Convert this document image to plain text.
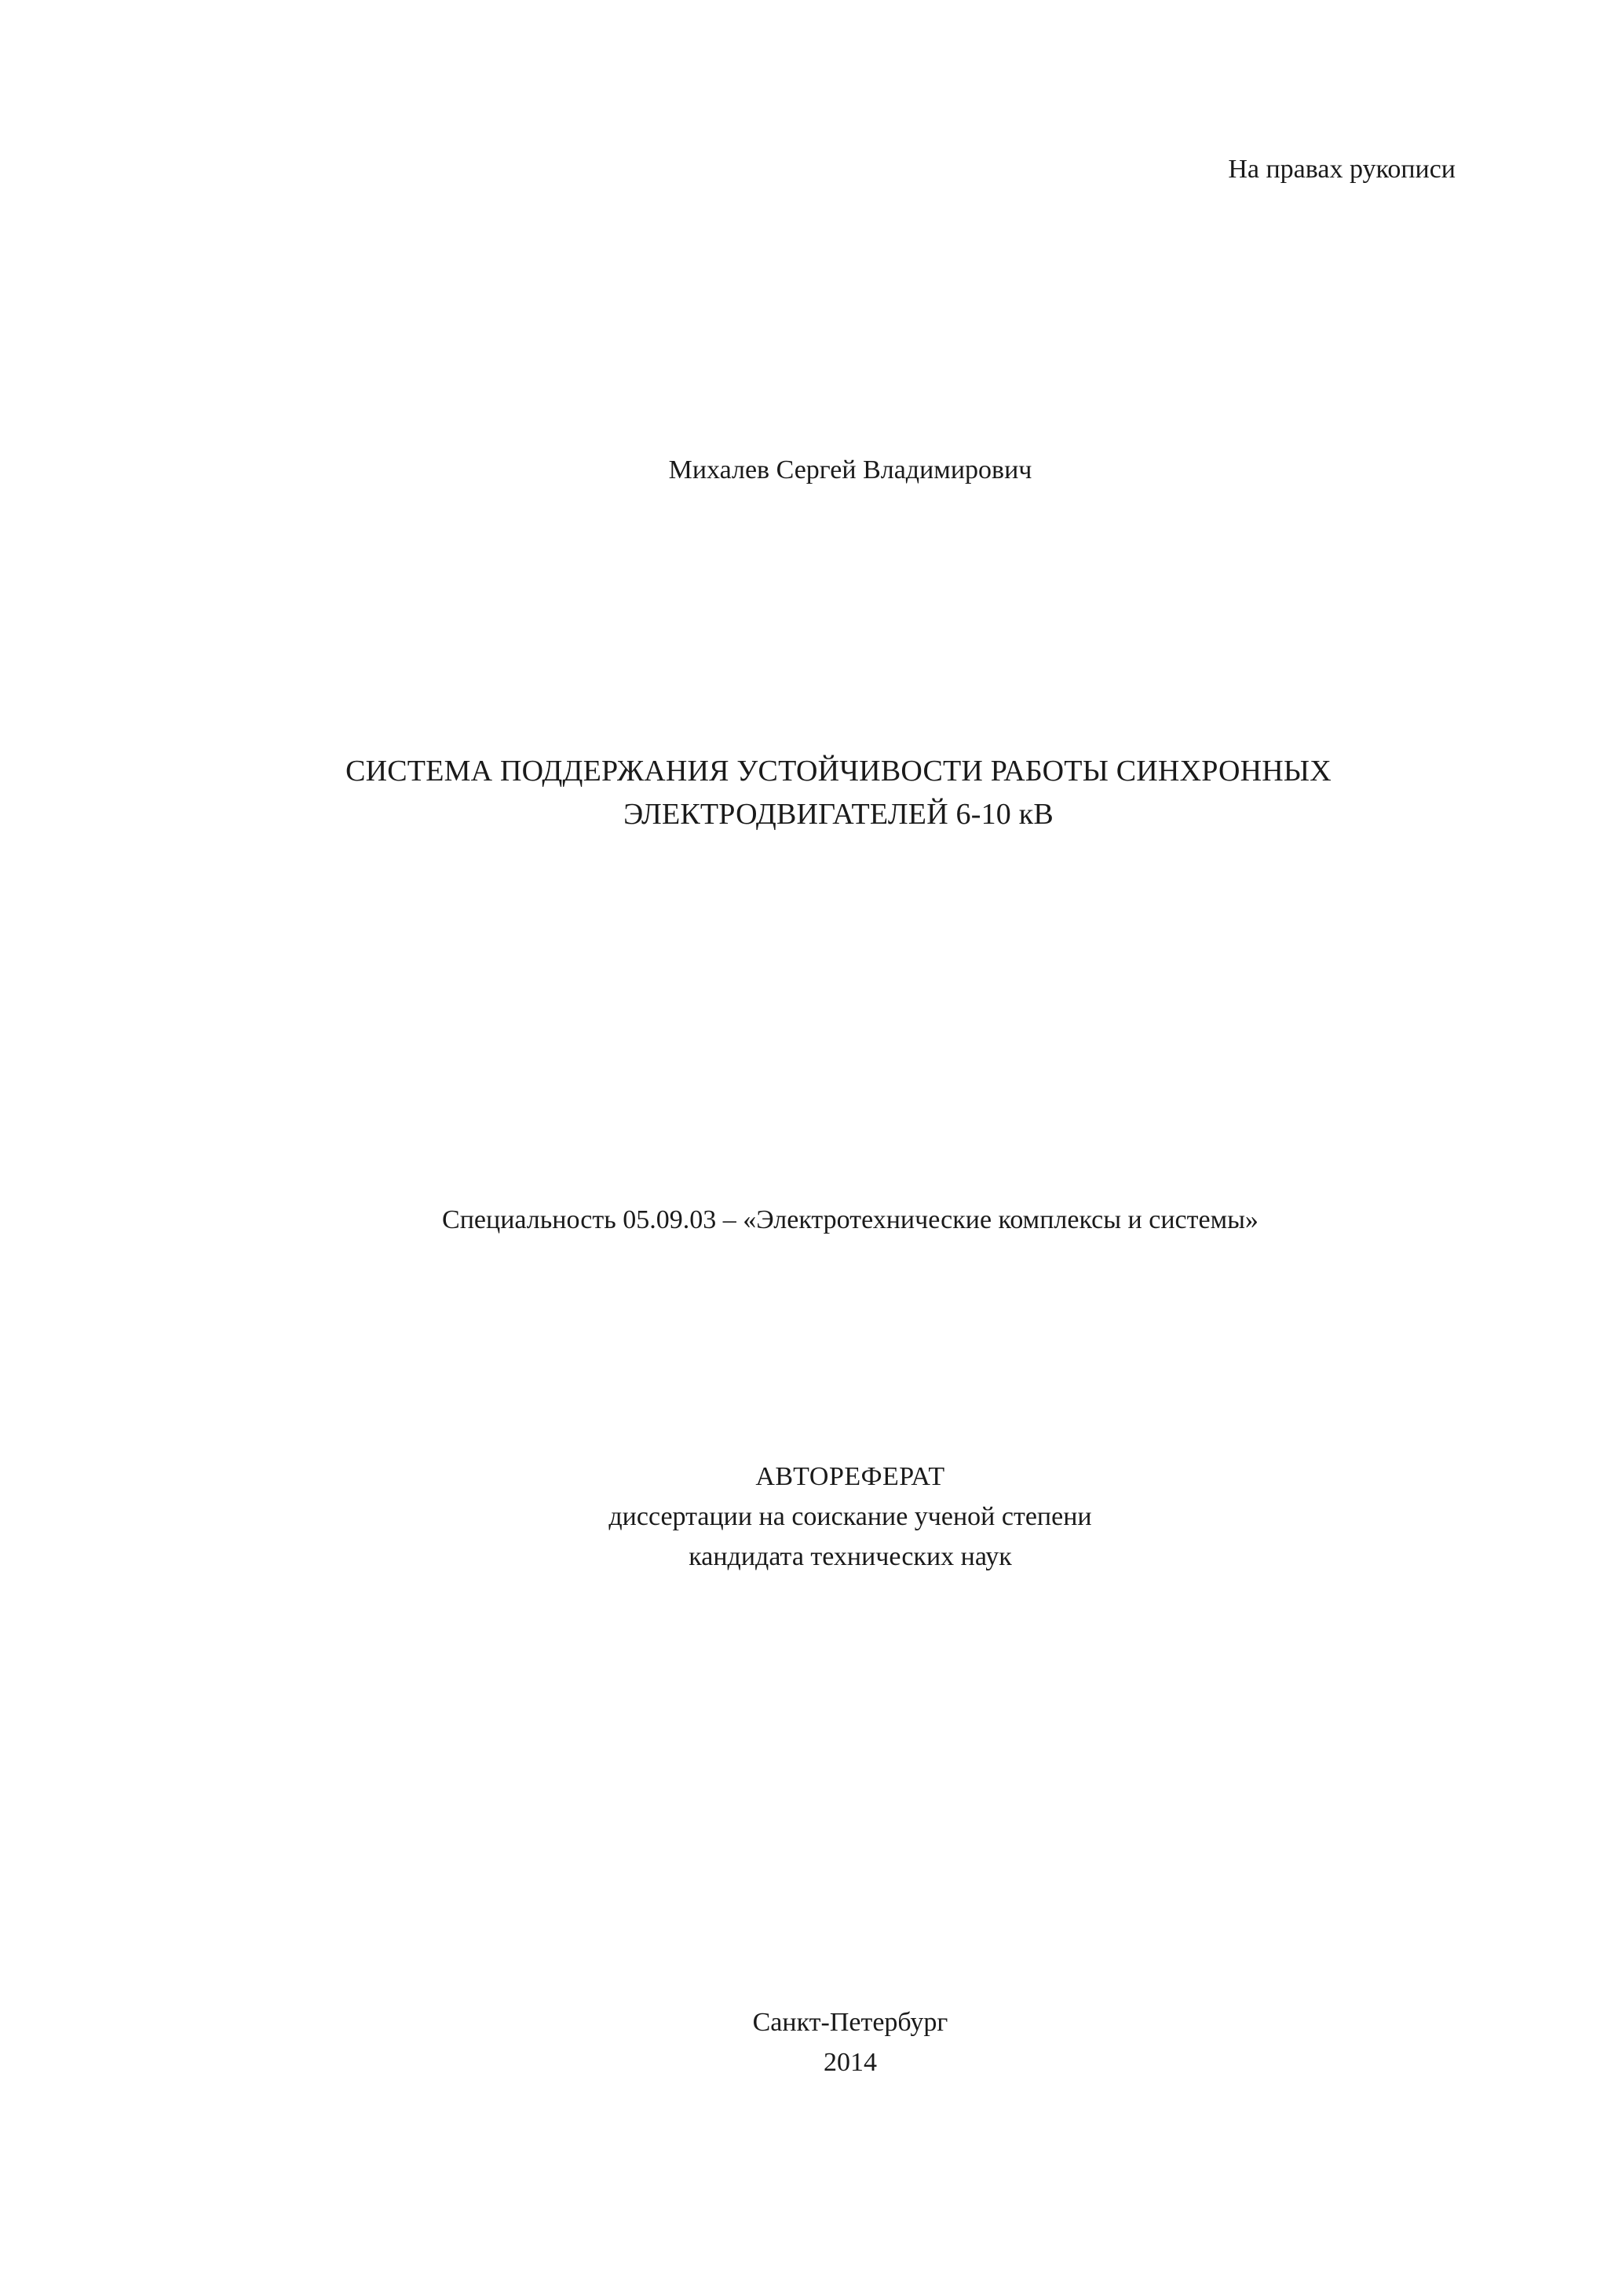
На правах рукописи
Михалев Сергей Владимирович
СИСТЕМА ПОДДЕРЖАНИЯ УСТОЙЧИВОСТИ РАБОТЫ СИНХРОННЫХ
ЭЛЕКТРОДВИГАТЕЛЕЙ 6-10 кВ
Специальность 05.09.03 – «Электротехнические комплексы и системы»
АВТОРЕФЕРАТ
диссертации на соискание ученой степени
кандидата технических наук
Санкт-Петербург
2014
